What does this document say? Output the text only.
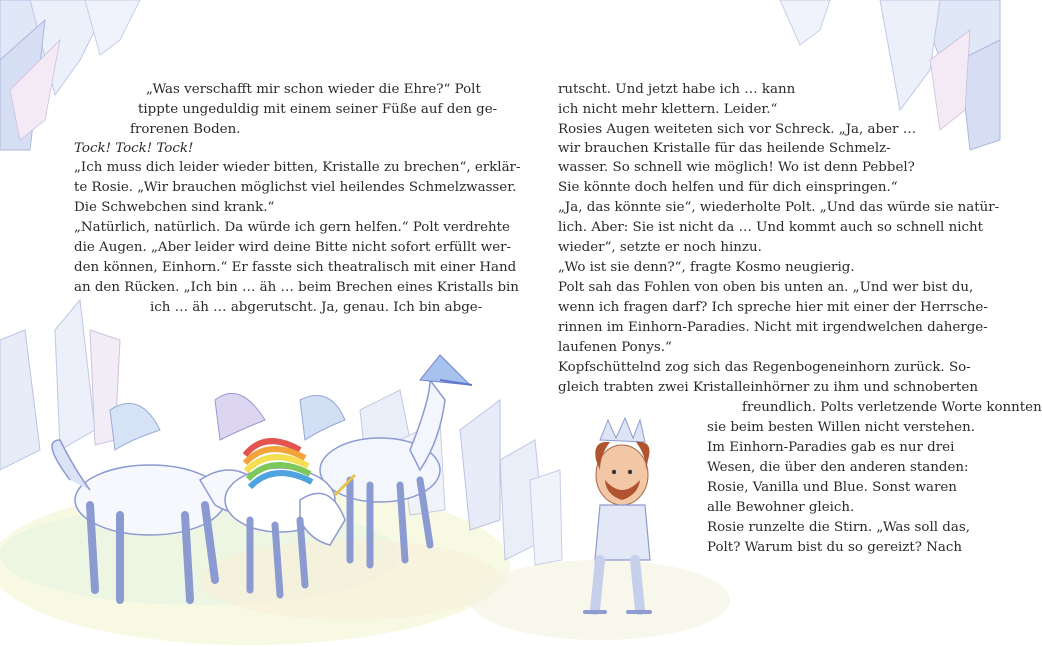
„Was verschafft mir schon wieder die Ehre?“ Polt
tippte ungeduldig mit einem seiner Füße auf den ge-
frorenen Boden.
Tock! Tock! Tock!
„Ich muss dich leider wieder bitten, Kristalle zu brechen“, erklär-
te Rosie. „Wir brauchen möglichst viel heilendes Schmelzwasser.
Die Schwebchen sind krank.“
„Natürlich, natürlich. Da würde ich gern helfen.“ Polt verdrehte
die Augen. „Aber leider wird deine Bitte nicht sofort erfüllt wer-
den können, Einhorn.“ Er fasste sich theatralisch mit einer Hand
an den Rücken. „Ich bin … äh … beim Brechen eines Kristalls bin
ich … äh … abgerutscht. Ja, genau. Ich bin abge-
rutscht. Und jetzt habe ich … kann
ich nicht mehr klettern. Leider.“
Rosies Augen weiteten sich vor Schreck. „Ja, aber …
wir brauchen Kristalle für das heilende Schmelz-
wasser. So schnell wie möglich! Wo ist denn Pebbel?
Sie könnte doch helfen und für dich einspringen.“
„Ja, das könnte sie“, wiederholte Polt. „Und das würde sie natür-
lich. Aber: Sie ist nicht da … Und kommt auch so schnell nicht
wieder“, setzte er noch hinzu.
„Wo ist sie denn?“, fragte Kosmo neugierig.
Polt sah das Fohlen von oben bis unten an. „Und wer bist du,
wenn ich fragen darf? Ich spreche hier mit einer der Herrsche-
rinnen im Einhorn-Paradies. Nicht mit irgendwelchen daherge-
laufenen Ponys.“
Kopfschüttelnd zog sich das Regenbogeneinhorn zurück. So-
gleich trabten zwei Kristalleinhörner zu ihm und schnoberten
freundlich. Polts verletzende Worte konnten
sie beim besten Willen nicht verstehen.
Im Einhorn-Paradies gab es nur drei
Wesen, die über den anderen standen:
Rosie, Vanilla und Blue. Sonst waren
alle Bewohner gleich.
Rosie runzelte die Stirn. „Was soll das,
Polt? Warum bist du so gereizt? Nach
